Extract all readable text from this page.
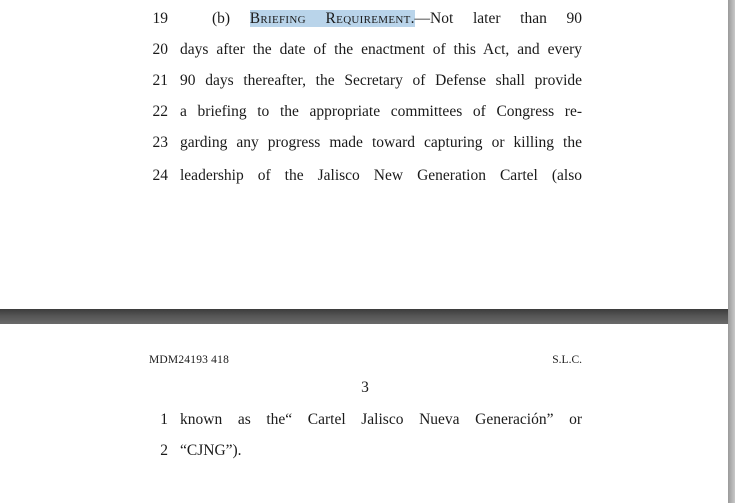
19	(b) Briefing Requirement.—Not later than 90
20 days after the date of the enactment of this Act, and every
21 90 days thereafter, the Secretary of Defense shall provide
22 a briefing to the appropriate committees of Congress re-
23 garding any progress made toward capturing or killing the
24 leadership of the Jalisco New Generation Cartel (also
MDM24193 418	S.L.C.
3
1 known as the“ Cartel Jalisco Nueva Generación” or
2 “CJNG”).
